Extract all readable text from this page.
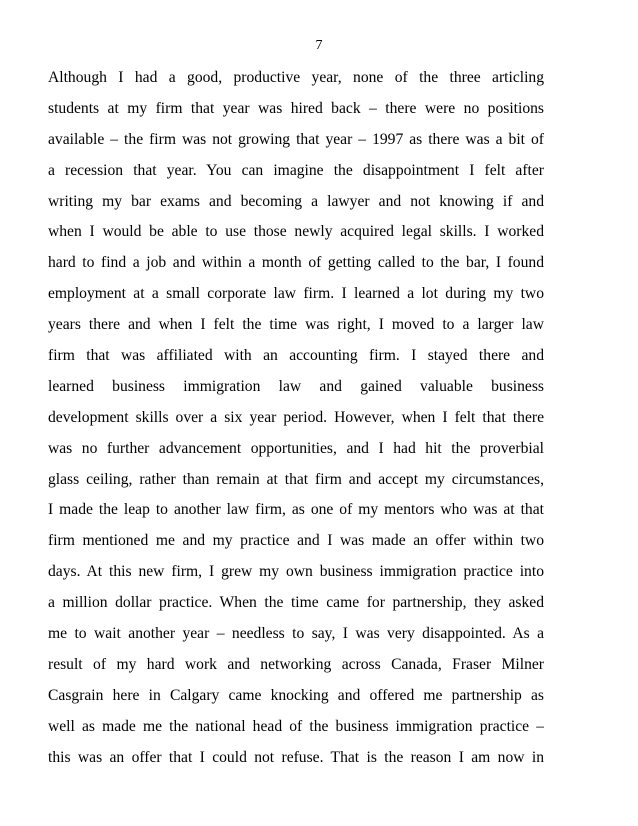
7
Although I had a good, productive year, none of the three articling
students at my firm that year was hired back – there were no positions
available – the firm was not growing that year – 1997 as there was a bit of
a recession that year. You can imagine the disappointment I felt after
writing my bar exams and becoming a lawyer and not knowing if and
when I would be able to use those newly acquired legal skills. I worked
hard to find a job and within a month of getting called to the bar, I found
employment at a small corporate law firm. I learned a lot during my two
years there and when I felt the time was right, I moved to a larger law
firm that was affiliated with an accounting firm. I stayed there and
learned business immigration law and gained valuable business
development skills over a six year period. However, when I felt that there
was no further advancement opportunities, and I had hit the proverbial
glass ceiling, rather than remain at that firm and accept my circumstances,
I made the leap to another law firm, as one of my mentors who was at that
firm mentioned me and my practice and I was made an offer within two
days. At this new firm, I grew my own business immigration practice into
a million dollar practice. When the time came for partnership, they asked
me to wait another year – needless to say, I was very disappointed. As a
result of my hard work and networking across Canada, Fraser Milner
Casgrain here in Calgary came knocking and offered me partnership as
well as made me the national head of the business immigration practice –
this was an offer that I could not refuse. That is the reason I am now in
